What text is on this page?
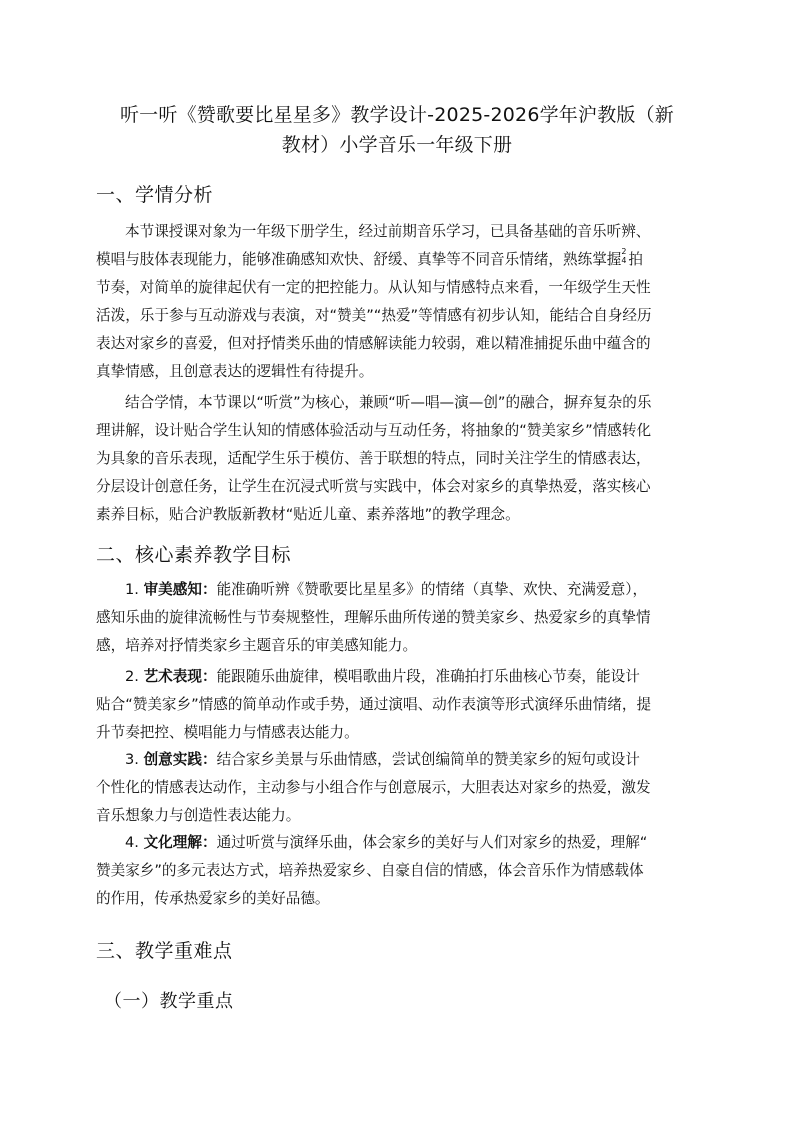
听一听《赞歌要比星星多》教学设计-2025-2026学年沪教版（新
教材）小学音乐一年级下册
一、学情分析
本节课授课对象为一年级下册学生，经过前期音乐学习，已具备基础的音乐听辨、
模唱与肢体表现能力，能够准确感知欢快、舒缓、真挚等不同音乐情绪，熟练掌握 2
4 拍
节奏，对简单的旋律起伏有一定的把控能力。从认知与情感特点来看，一年级学生天性
活泼，乐于参与互动游戏与表演，对“赞美”“热爱”等情感有初步认知，能结合自身经历
表达对家乡的喜爱，但对抒情类乐曲的情感解读能力较弱，难以精准捕捉乐曲中蕴含的
真挚情感，且创意表达的逻辑性有待提升。
结合学情，本节课以“听赏”为核心，兼顾“听—唱—演—创”的融合，摒弃复杂的乐
理讲解，设计贴合学生认知的情感体验活动与互动任务，将抽象的“赞美家乡”情感转化
为具象的音乐表现，适配学生乐于模仿、善于联想的特点，同时关注学生的情感表达，
分层设计创意任务，让学生在沉浸式听赏与实践中，体会对家乡的真挚热爱，落实核心
素养目标，贴合沪教版新教材“贴近儿童、素养落地”的教学理念。
二、核心素养教学目标
1. 审美感知：能准确听辨《赞歌要比星星多》的情绪（真挚、欢快、充满爱意），
感知乐曲的旋律流畅性与节奏规整性，理解乐曲所传递的赞美家乡、热爱家乡的真挚情
感，培养对抒情类家乡主题音乐的审美感知能力。
2. 艺术表现：能跟随乐曲旋律，模唱歌曲片段，准确拍打乐曲核心节奏，能设计
贴合“赞美家乡”情感的简单动作或手势，通过演唱、动作表演等形式演绎乐曲情绪，提
升节奏把控、模唱能力与情感表达能力。
3. 创意实践：结合家乡美景与乐曲情感，尝试创编简单的赞美家乡的短句或设计
个性化的情感表达动作，主动参与小组合作与创意展示，大胆表达对家乡的热爱，激发
音乐想象力与创造性表达能力。
4. 文化理解：通过听赏与演绎乐曲，体会家乡的美好与人们对家乡的热爱，理解“
赞美家乡”的多元表达方式，培养热爱家乡、自豪自信的情感，体会音乐作为情感载体
的作用，传承热爱家乡的美好品德。
三、教学重难点
（一）教学重点
